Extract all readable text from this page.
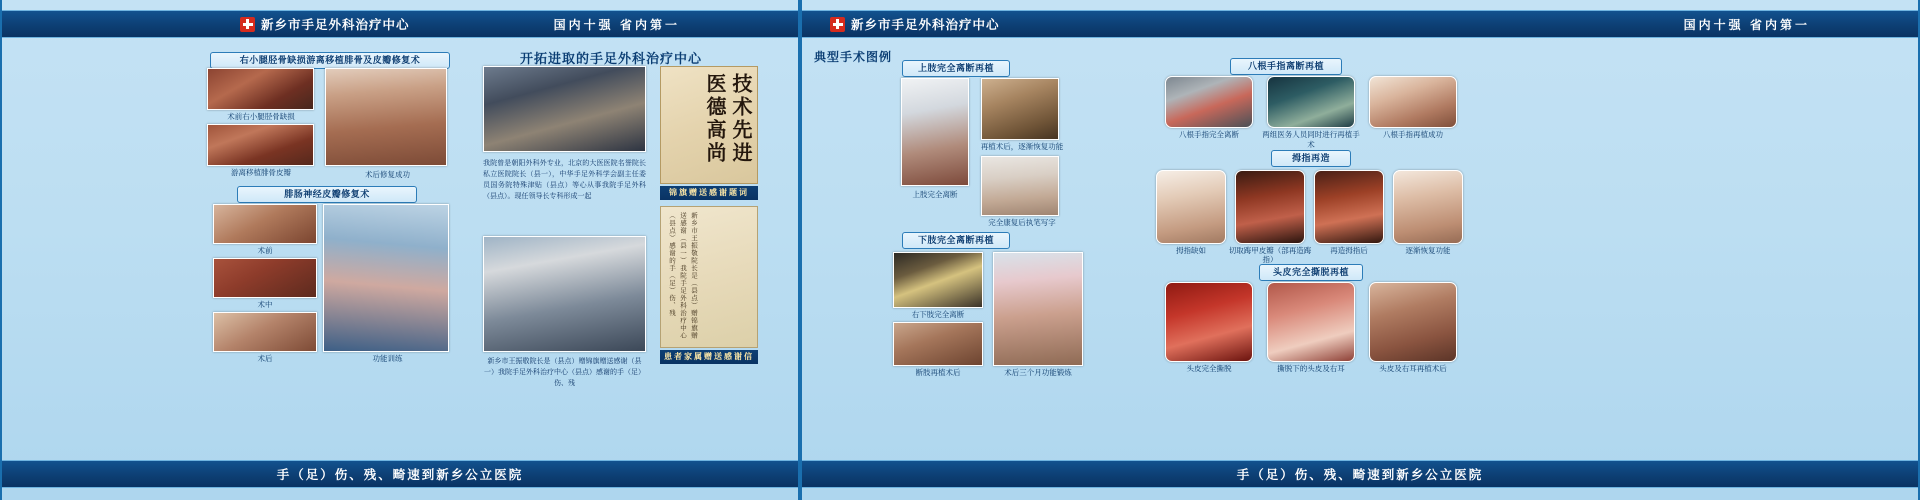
新乡市手足外科治疗中心	国内十强 省内第一
右小腿胫骨缺损游离移植腓骨及皮瓣修复术	开拓进取的手足外科治疗中心
术前右小腿胫骨缺损
游离移植腓骨皮瓣	术后修复成功
腓肠神经皮瓣修复术
术前
术中
术后	功能训练
我院曾是朝阳外科外专业，北京的大医医院名誉院长私立医院院长（县一），中华手足外科学会副主任委员国务院特殊津贴（县点）等心从事我院手足外科（县点）。现任领导长专科形成一起
新乡市王振敬院长是（县点）赠锦旗赠送感谢（县一）我院手足外科治疗中心（县点）感谢的手（足）伤、残
技术先进医德高尚
锦旗赠送感谢题词
新乡市王振敬院长是（县点）赠锦旗赠送感谢（县一）我院手足外科治疗中心（县点）感谢的手（足）伤、残
患者家属赠送感谢信
手（足）伤、残、畸速到新乡公立医院
新乡市手足外科治疗中心	国内十强 省内第一
典型手术图例
上肢完全离断再植
上肢完全离断
再植术后，逐渐恢复功能
完全康复后执笔写字
下肢完全离断再植
右下肢完全离断
断肢再植术后	术后三个月功能锻炼
八根手指离断再植
八根手指完全离断	两组医务人员同时进行再植手术
八根手指再植成功
拇指再造
拇指缺如	切取踇甲皮瓣（部再造踇指）
再造拇指后	逐渐恢复功能
头皮完全撕脱再植
头皮完全撕脱	撕脱下的头皮及右耳	头皮及右耳再植术后
手（足）伤、残、畸速到新乡公立医院
